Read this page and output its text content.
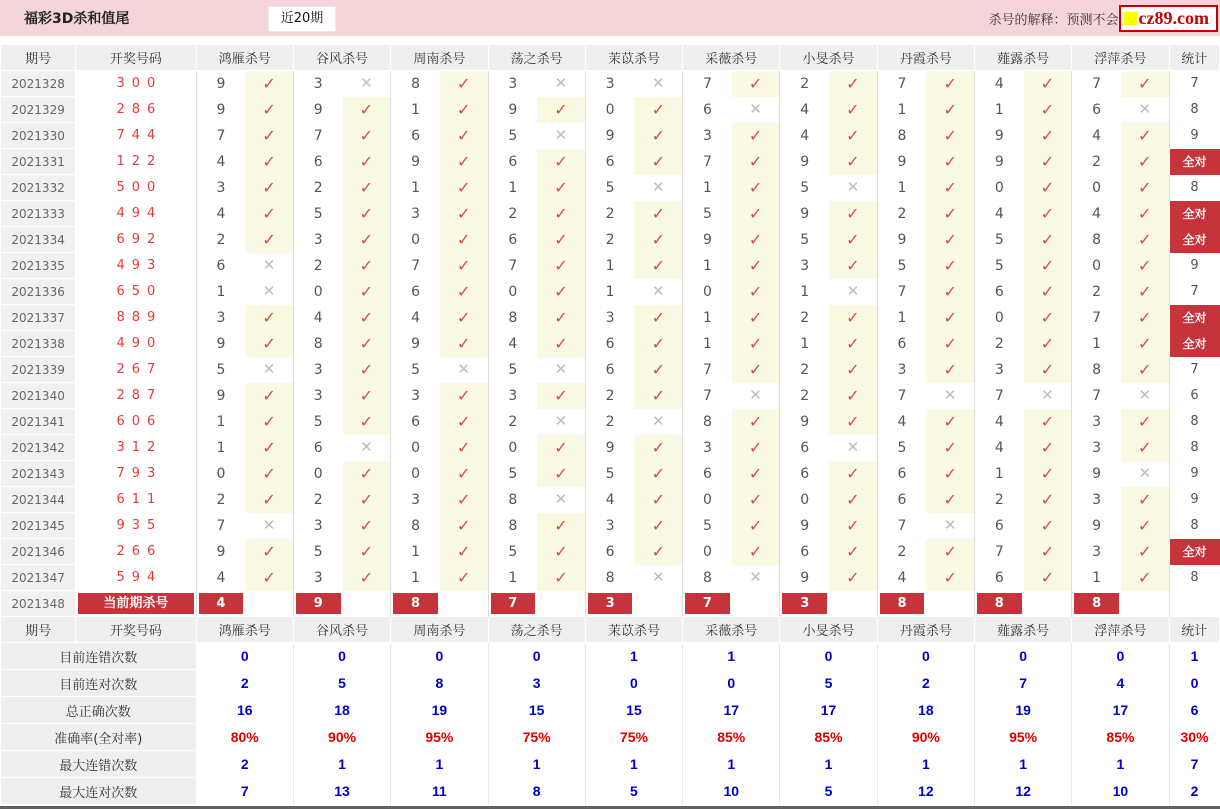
福彩3D杀和值尾	近20期	杀号的解释：预测不会 cz89.com
期号	开奖号码	鸿雁杀号		谷风杀号		周南杀号		荡之杀号		茉苡杀号		采薇杀号		小旻杀号		丹霞杀号		薤露杀号		浮萍杀号		统计
2021328	300	9	✓	3	✕	8	✓	3	✕	3	✕	7	✓	2	✓	7	✓	4	✓	7	✓	7
2021329	286	9	✓	9	✓	1	✓	9	✓	0	✓	6	✕	4	✓	1	✓	1	✓	6	✕	8
2021330	744	7	✓	7	✓	6	✓	5	✕	9	✓	3	✓	4	✓	8	✓	9	✓	4	✓	9
2021331	122	4	✓	6	✓	9	✓	6	✓	6	✓	7	✓	9	✓	9	✓	9	✓	2	✓	全对
2021332	500	3	✓	2	✓	1	✓	1	✓	5	✕	1	✓	5	✕	1	✓	0	✓	0	✓	8
2021333	494	4	✓	5	✓	3	✓	2	✓	2	✓	5	✓	9	✓	2	✓	4	✓	4	✓	全对
2021334	692	2	✓	3	✓	0	✓	6	✓	2	✓	9	✓	5	✓	9	✓	5	✓	8	✓	全对
2021335	493	6	✕	2	✓	7	✓	7	✓	1	✓	1	✓	3	✓	5	✓	5	✓	0	✓	9
2021336	650	1	✕	0	✓	6	✓	0	✓	1	✕	0	✓	1	✕	7	✓	6	✓	2	✓	7
2021337	889	3	✓	4	✓	4	✓	8	✓	3	✓	1	✓	2	✓	1	✓	0	✓	7	✓	全对
2021338	490	9	✓	8	✓	9	✓	4	✓	6	✓	1	✓	1	✓	6	✓	2	✓	1	✓	全对
2021339	267	5	✕	3	✓	5	✕	5	✕	6	✓	7	✓	2	✓	3	✓	3	✓	8	✓	7
2021340	287	9	✓	3	✓	3	✓	3	✓	2	✓	7	✕	2	✓	7	✕	7	✕	7	✕	6
2021341	606	1	✓	5	✓	6	✓	2	✕	2	✕	8	✓	9	✓	4	✓	4	✓	3	✓	8
2021342	312	1	✓	6	✕	0	✓	0	✓	9	✓	3	✓	6	✕	5	✓	4	✓	3	✓	8
2021343	793	0	✓	0	✓	0	✓	5	✓	5	✓	6	✓	6	✓	6	✓	1	✓	9	✕	9
2021344	611	2	✓	2	✓	3	✓	8	✕	4	✓	0	✓	0	✓	6	✓	2	✓	3	✓	9
2021345	935	7	✕	3	✓	8	✓	8	✓	3	✓	5	✓	9	✓	7	✕	6	✓	9	✓	8
2021346	266	9	✓	5	✓	1	✓	5	✓	6	✓	0	✓	6	✓	2	✓	7	✓	3	✓	全对
2021347	594	4	✓	3	✓	1	✓	1	✓	8	✕	8	✕	9	✓	4	✓	6	✓	1	✓	8
2021348	当前期杀号	4		9		8		7		3		7		3		8		8		8		

期号	开奖号码	鸿雁杀号		谷风杀号		周南杀号		荡之杀号		茉苡杀号		采薇杀号		小旻杀号		丹霞杀号		薤露杀号		浮萍杀号		统计
目前连错次数		0		0		0		0		1		1		0		0		0		0		1
目前连对次数		2		5		8		3		0		0		5		2		7		4		0
总正确次数		16		18		19		15		15		17		17		18		19		17		6
准确率(全对率)		80%		90%		95%		75%		75%		85%		85%		90%		95%		85%		30%
最大连错次数		2		1		1		1		1		1		1		1		1		1		7
最大连对次数		7		13		11		8		5		10		5		12		12		10		2
